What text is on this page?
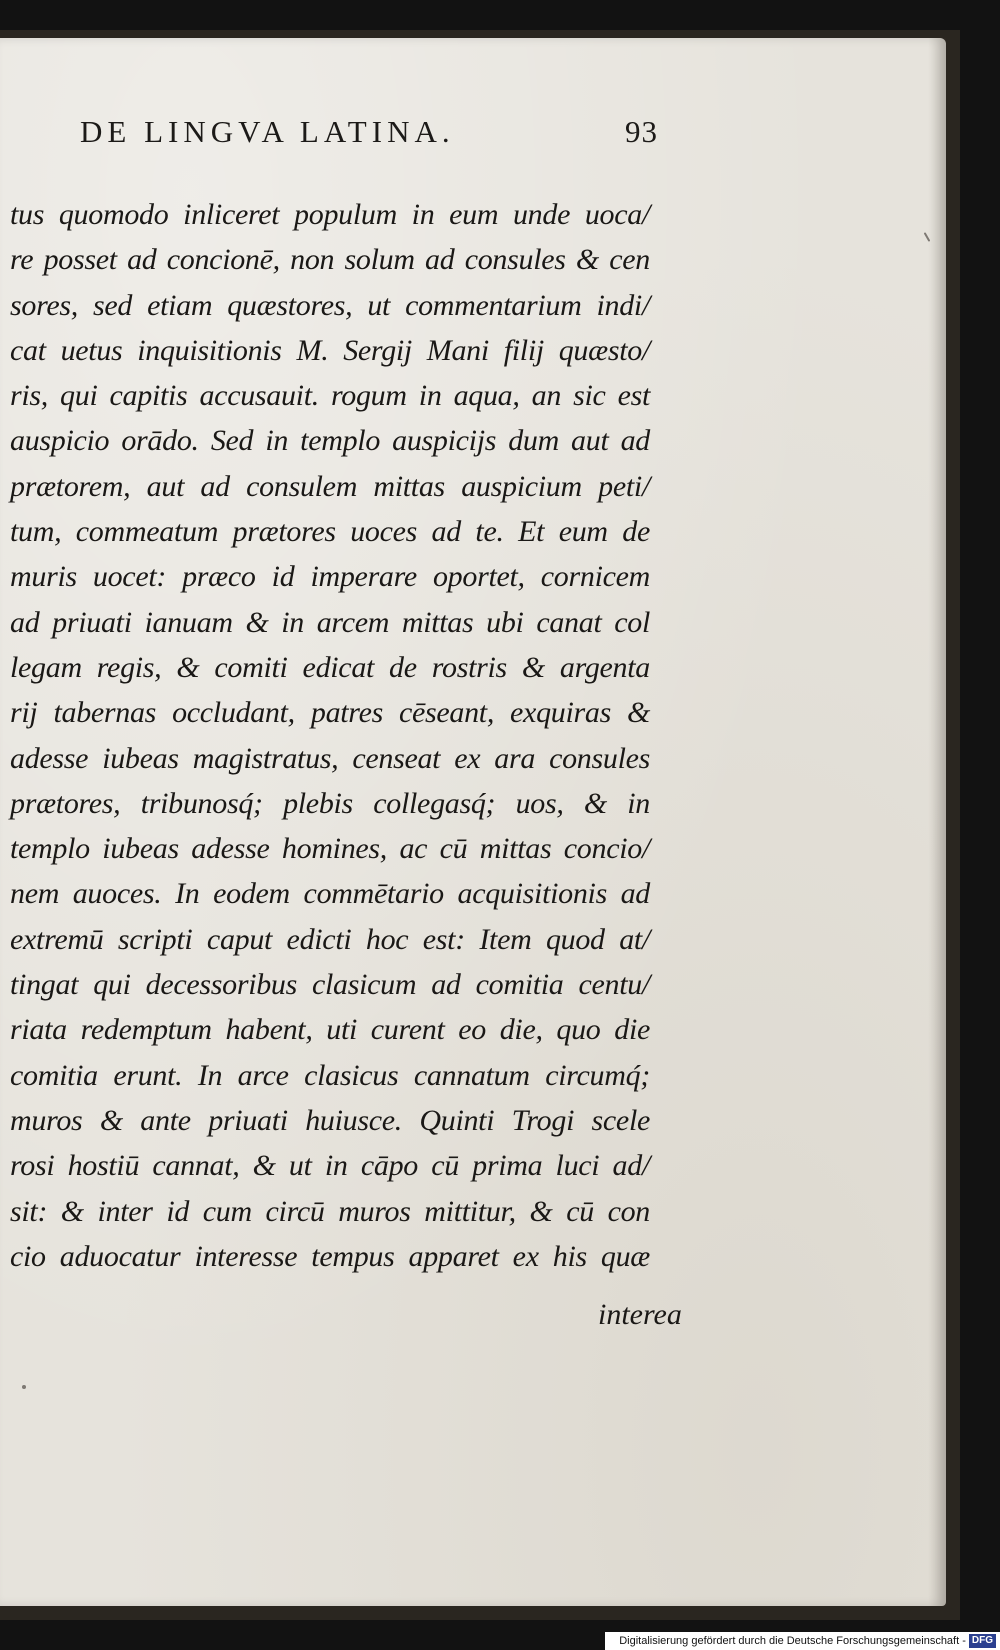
DE LINGVA LATINA.	93
tus quomodo inliceret populum in eum unde uoca/
re posset ad concionē, non solum ad consules & cen
sores, sed etiam quæstores, ut commentarium indi/
cat uetus inquisitionis M. Sergij Mani filij quæsto/
ris, qui capitis accusauit. rogum in aqua, an sic est
auspicio orādo. Sed in templo auspicijs dum aut ad
prætorem, aut ad consulem mittas auspicium peti/
tum, commeatum prætores uoces ad te. Et eum de
muris uocet: præco id imperare oportet, cornicem
ad priuati ianuam & in arcem mittas ubi canat col
legam regis, & comiti edicat de rostris & argenta
rij tabernas occludant, patres cēseant, exquiras &
adesse iubeas magistratus, censeat ex ara consules
prætores, tribunosq́; plebis collegasq́; uos, & in
templo iubeas adesse homines, ac cū mittas concio/
nem auoces. In eodem commētario acquisitionis ad
extremū scripti caput edicti hoc est: Item quod at/
tingat qui decessoribus clasicum ad comitia centu/
riata redemptum habent, uti curent eo die, quo die
comitia erunt. In arce clasicus cannatum circumq́;
muros & ante priuati huiusce. Quinti Trogi scele
rosi hostiū cannat, & ut in cāpo cū prima luci ad/
sit: & inter id cum circū muros mittitur, & cū con
cio aduocatur interesse tempus apparet ex his quæ
interea
Digitalisierung gefördert durch die Deutsche Forschungsgemeinschaft - DFG
